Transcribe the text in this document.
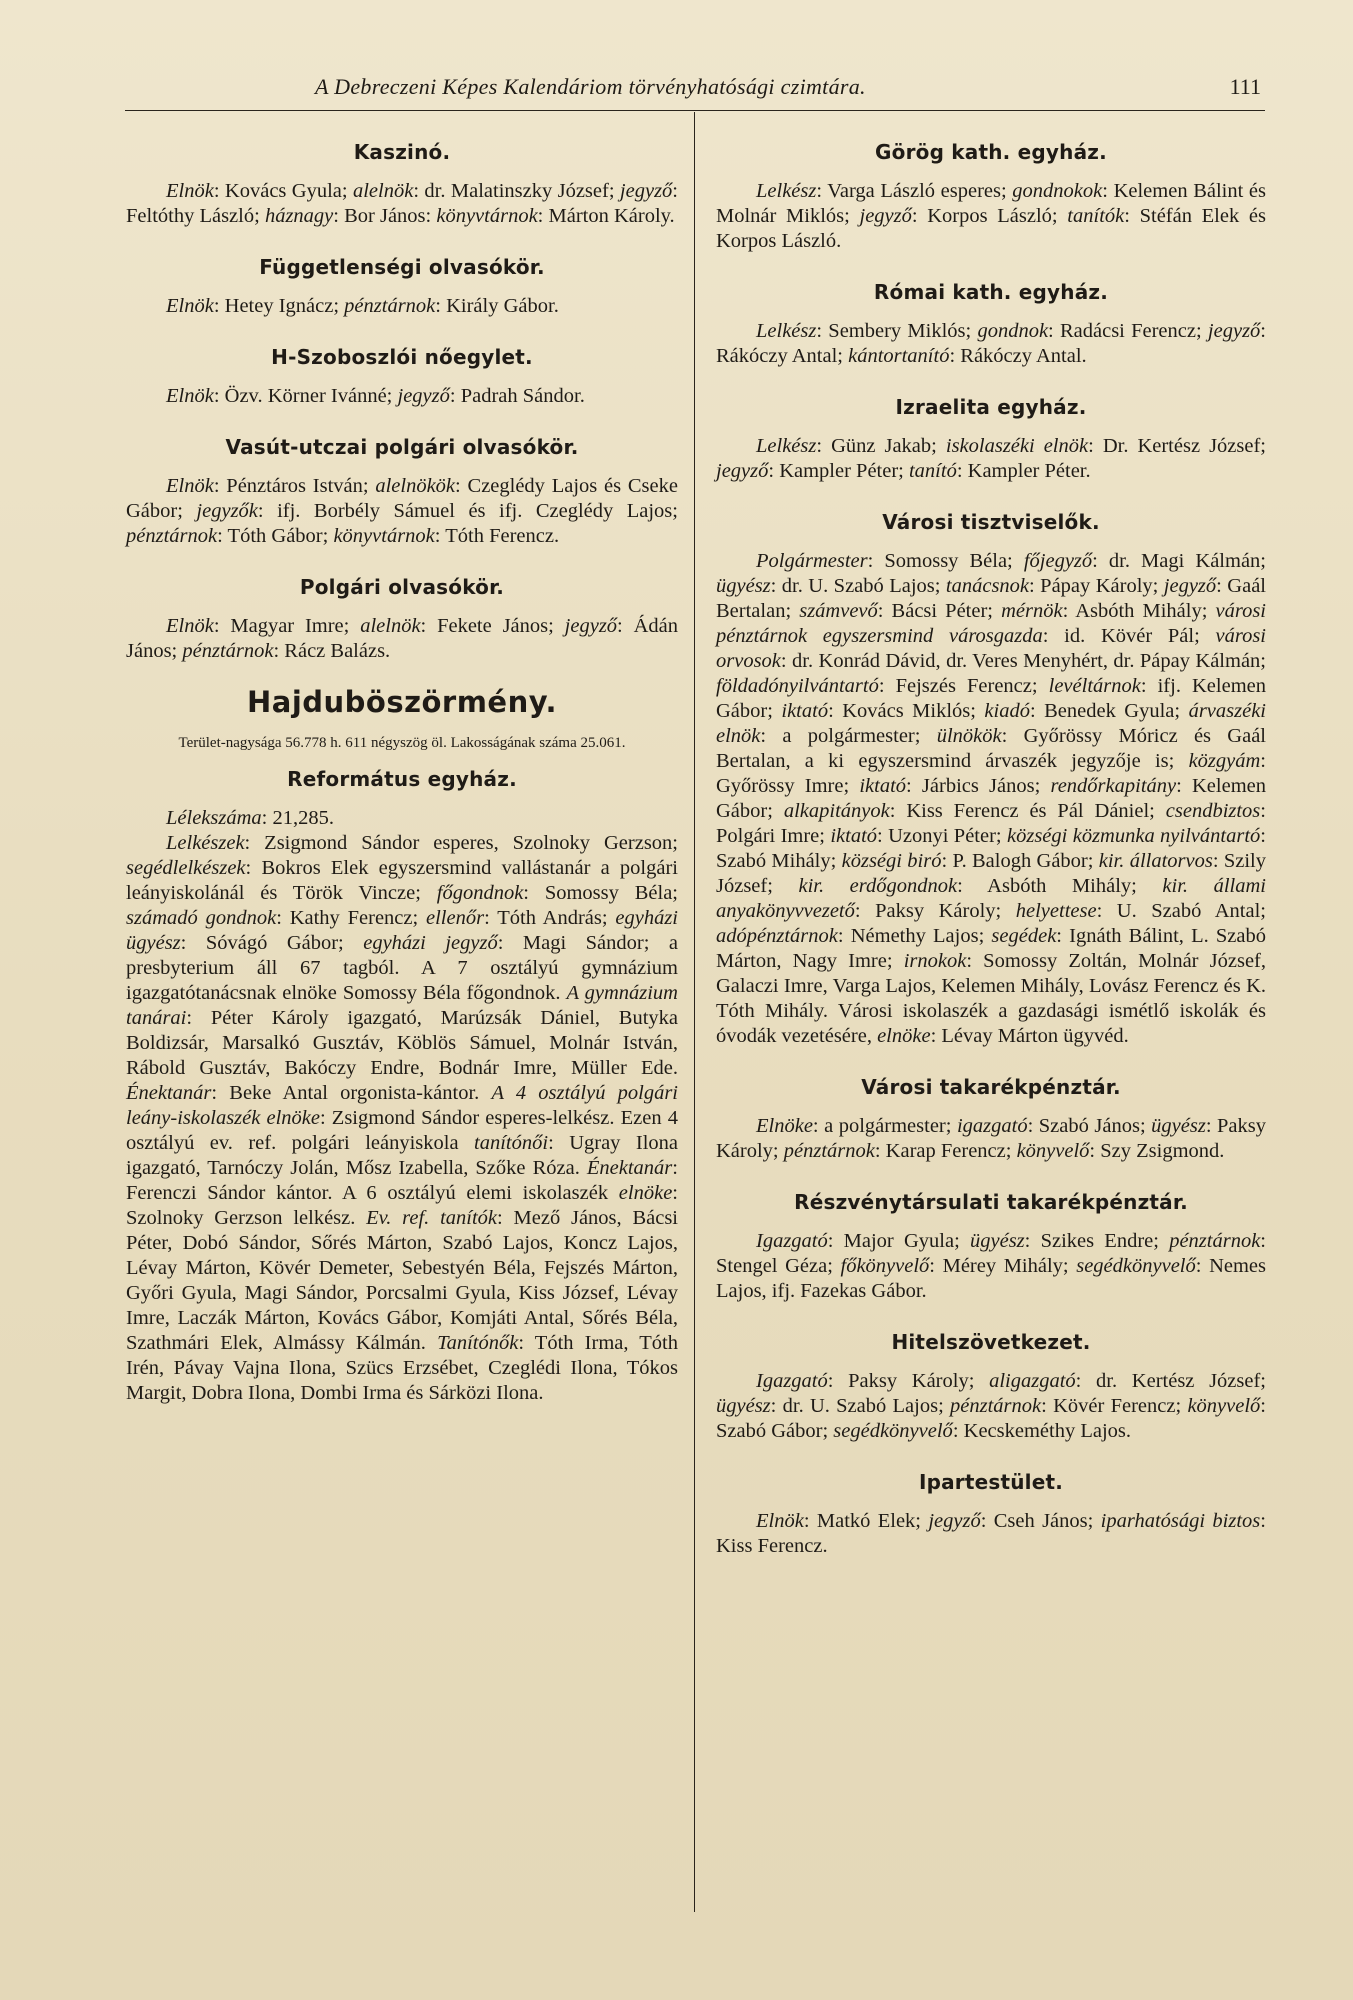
A Debreczeni Képes Kalendáriom törvényhatósági czimtára.	111
Kaszinó.

Elnök: Kovács Gyula; alelnök: dr. Malatinszky József; jegyző: Feltóthy László; háznagy: Bor János: könyvtárnok: Márton Károly.

Függetlenségi olvasókör.

Elnök: Hetey Ignácz; pénztárnok: Király Gábor.

H-Szoboszlói nőegylet.

Elnök: Özv. Körner Ivánné; jegyző: Padrah Sándor.

Vasút-utczai polgári olvasókör.

Elnök: Pénztáros István; alelnökök: Czeglédy Lajos és Cseke Gábor; jegyzők: ifj. Borbély Sámuel és ifj. Czeglédy Lajos; pénztárnok: Tóth Gábor; könyvtárnok: Tóth Ferencz.

Polgári olvasókör.

Elnök: Magyar Imre; alelnök: Fekete János; jegyző: Ádán János; pénztárnok: Rácz Balázs.

Hajduböszörmény.
Terület-nagysága 56.778 h. 611 négyszög öl. Lakosságának száma 25.061.
Református egyház.

Lélekszáma: 21,285.

Lelkészek: Zsigmond Sándor esperes, Szolnoky Gerzson; segédlelkészek: Bokros Elek egyszersmind vallástanár a polgári leányiskolánál és Török Vincze; főgondnok: Somossy Béla; számadó gondnok: Kathy Ferencz; ellenőr: Tóth András; egyházi ügyész: Sóvágó Gábor; egyházi jegyző: Magi Sándor; a presbyterium áll 67 tagból. A 7 osztályú gymnázium igazgatótanácsnak elnöke Somossy Béla főgondnok. A gymnázium tanárai: Péter Károly igazgató, Marúzsák Dániel, Butyka Boldizsár, Marsalkó Gusztáv, Köblös Sámuel, Molnár István, Rábold Gusztáv, Bakóczy Endre, Bodnár Imre, Müller Ede. Énektanár: Beke Antal orgonista-kántor. A 4 osztályú polgári leány-iskolaszék elnöke: Zsigmond Sándor esperes-lelkész. Ezen 4 osztályú ev. ref. polgári leányiskola tanítónői: Ugray Ilona igazgató, Tarnóczy Jolán, Mősz Izabella, Szőke Róza. Énektanár: Ferenczi Sándor kántor. A 6 osztályú elemi iskolaszék elnöke: Szolnoky Gerzson lelkész. Ev. ref. tanítók: Mező János, Bácsi Péter, Dobó Sándor, Sőrés Márton, Szabó Lajos, Koncz Lajos, Lévay Márton, Kövér Demeter, Sebestyén Béla, Fejszés Márton, Győri Gyula, Magi Sándor, Porcsalmi Gyula, Kiss József, Lévay Imre, Laczák Márton, Kovács Gábor, Komjáti Antal, Sőrés Béla, Szathmári Elek, Almássy Kálmán. Tanítónők: Tóth Irma, Tóth Irén, Pávay Vajna Ilona, Szücs Erzsébet, Czeglédi Ilona, Tókos Margit, Dobra Ilona, Dombi Irma és Sárközi Ilona.

Görög kath. egyház.

Lelkész: Varga László esperes; gondnokok: Kelemen Bálint és Molnár Miklós; jegyző: Korpos László; tanítók: Stéfán Elek és Korpos László.

Római kath. egyház.

Lelkész: Sembery Miklós; gondnok: Radácsi Ferencz; jegyző: Rákóczy Antal; kántortanító: Rákóczy Antal.

Izraelita egyház.

Lelkész: Günz Jakab; iskolaszéki elnök: Dr. Kertész József; jegyző: Kampler Péter; tanító: Kampler Péter.

Városi tisztviselők.

Polgármester: Somossy Béla; főjegyző: dr. Magi Kálmán; ügyész: dr. U. Szabó Lajos; tanácsnok: Pápay Károly; jegyző: Gaál Bertalan; számvevő: Bácsi Péter; mérnök: Asbóth Mihály; városi pénztárnok egyszersmind városgazda: id. Kövér Pál; városi orvosok: dr. Konrád Dávid, dr. Veres Menyhért, dr. Pápay Kálmán; földadónyilvántartó: Fejszés Ferencz; levéltárnok: ifj. Kelemen Gábor; iktató: Kovács Miklós; kiadó: Benedek Gyula; árvaszéki elnök: a polgármester; ülnökök: Győrössy Móricz és Gaál Bertalan, a ki egyszersmind árvaszék jegyzője is; közgyám: Győrössy Imre; iktató: Járbics János; rendőrkapitány: Kelemen Gábor; alkapitányok: Kiss Ferencz és Pál Dániel; csendbiztos: Polgári Imre; iktató: Uzonyi Péter; községi közmunka nyilvántartó: Szabó Mihály; községi biró: P. Balogh Gábor; kir. állatorvos: Szily József; kir. erdőgondnok: Asbóth Mihály; kir. állami anyakönyvvezető: Paksy Károly; helyettese: U. Szabó Antal; adópénztárnok: Némethy Lajos; segédek: Ignáth Bálint, L. Szabó Márton, Nagy Imre; irnokok: Somossy Zoltán, Molnár József, Galaczi Imre, Varga Lajos, Kelemen Mihály, Lovász Ferencz és K. Tóth Mihály. Városi iskolaszék a gazdasági ismétlő iskolák és óvodák vezetésére, elnöke: Lévay Márton ügyvéd.

Városi takarékpénztár.

Elnöke: a polgármester; igazgató: Szabó János; ügyész: Paksy Károly; pénztárnok: Karap Ferencz; könyvelő: Szy Zsigmond.

Részvénytársulati takarékpénztár.

Igazgató: Major Gyula; ügyész: Szikes Endre; pénztárnok: Stengel Géza; főkönyvelő: Mérey Mihály; segédkönyvelő: Nemes Lajos, ifj. Fazekas Gábor.

Hitelszövetkezet.

Igazgató: Paksy Károly; aligazgató: dr. Kertész József; ügyész: dr. U. Szabó Lajos; pénztárnok: Kövér Ferencz; könyvelő: Szabó Gábor; segédkönyvelő: Kecskeméthy Lajos.

Ipartestület.

Elnök: Matkó Elek; jegyző: Cseh János; iparhatósági biztos: Kiss Ferencz.
